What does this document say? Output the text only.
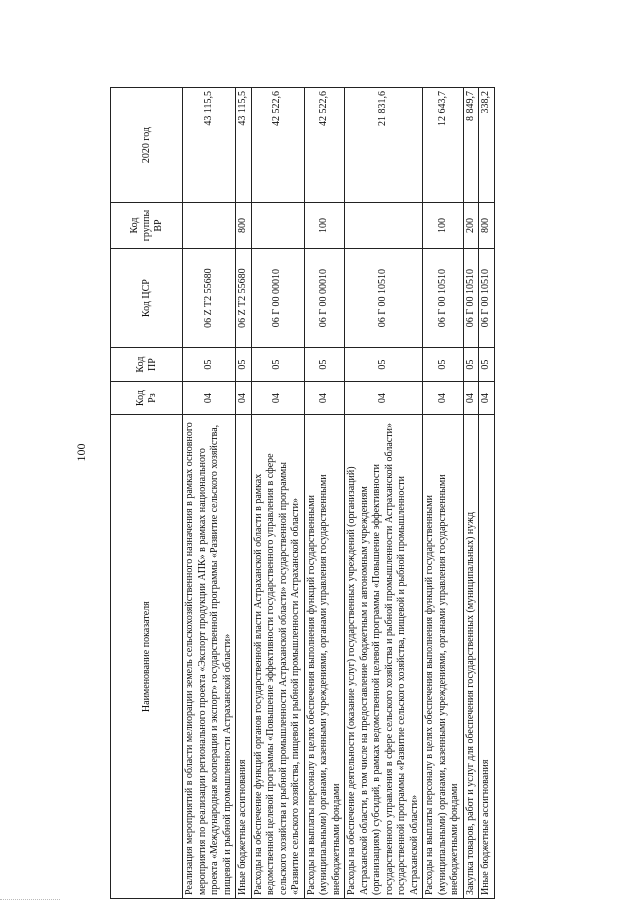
100
Наименование показателя	Код Рз	Код ПР	Код ЦСР	Код группы ВР	2020 год
Реализация мероприятий в области мелиорации земель сельскохозяйственного назначения в рамках основного мероприятия по реализации регионального проекта «Экспорт продукции АПК» в рамках национального проекта «Международная кооперация и экспорт» государственной программы «Развитие сельского хозяйства, пищевой и рыбной промышленности Астраханской области»	04	05	06 Z T2 55680		43 115,5
Иные бюджетные ассигнования	04	05	06 Z T2 55680	800	43 115,5
Расходы на обеспечение функций органов государственной власти Астраханской области в рамках ведомственной целевой программы «Повышение эффективности государственного управления в сфере сельского хозяйства и рыбной промышленности Астраханской области» государственной программы «Развитие сельского хозяйства, пищевой и рыбной промышленности Астраханской области»	04	05	06 Г 00 00010		42 522,6
Расходы на выплаты персоналу в целях обеспечения выполнения функций государственными (муниципальными) органами, казенными учреждениями, органами управления государственными внебюджетными фондами	04	05	06 Г 00 00010	100	42 522,6
Расходы на обеспечение деятельности (оказание услуг) государственных учреждений (организаций) Астраханской области, в том числе на предоставление бюджетным и автономным учреждениям (организациям) субсидий, в рамках ведомственной целевой программы «Повышение эффективности государственного управления в сфере сельского хозяйства и рыбной промышленности Астраханской области» государственной программы «Развитие сельского хозяйства, пищевой и рыбной промышленности Астраханской области»	04	05	06 Г 00 10510		21 831,6
Расходы на выплаты персоналу в целях обеспечения выполнения функций государственными (муниципальными) органами, казенными учреждениями, органами управления государственными внебюджетными фондами	04	05	06 Г 00 10510	100	12 643,7
Закупка товаров, работ и услуг для обеспечения государственных (муниципальных) нужд	04	05	06 Г 00 10510	200	8 849,7
Иные бюджетные ассигнования	04	05	06 Г 00 10510	800	338,2
